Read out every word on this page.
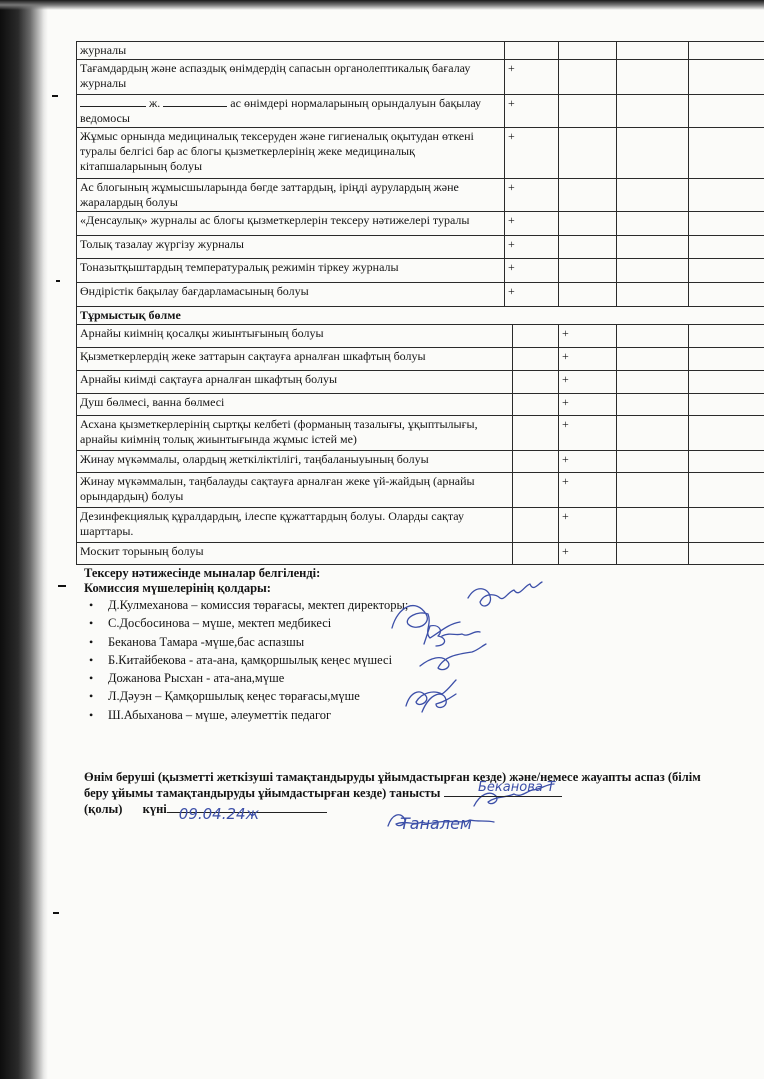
журналы					
Тағамдардың және аспаздық өнімдердің сапасын органолептикалық бағалау журналы	+				
ж. ас өнімдері нормаларының орындалуын бақылау ведомосы	+				
Жұмыс орнында медициналық тексеруден және гигиеналық оқытудан өткені туралы белгісі бар ас блогы қызметкерлерінің жеке медициналық кітапшаларының болуы	+				
Ас блогының жұмысшыларында бөгде заттардың, іріңді аурулардың және жаралардың болуы	+				
«Денсаулық» журналы ас блогы қызметкерлерін тексеру нәтижелері туралы	+				
Толық тазалау жүргізу журналы	+				
Тоназытқыштардың температуралық режимін тіркеу журналы	+				
Өндірістік бақылау бағдарламасының болуы	+				
Тұрмыстық бөлме					
Арнайы киімнің қосалқы жиынтығының болуы			+		
Қызметкерлердің жеке заттарын сақтауға арналған шкафтың болуы			+		
Арнайы киімді сақтауға арналған шкафтың болуы			+		
Душ бөлмесі, ванна бөлмесі			+		
Асхана қызметкерлерінің сыртқы келбеті (форманың тазалығы, ұқыптылығы, арнайы киімнің толық жиынтығында жұмыс істей ме)			+		
Жинау мүкәммалы, олардың жеткіліктілігі, таңбаланыуының болуы			+		
Жинау мүкәммалын, таңбалауды сақтауға арналған жеке үй-жайдың (арнайы орындардың) болуы			+		
Дезинфекциялық құралдардың, ілеспе құжаттардың болуы. Оларды сақтау шарттары.			+		
Москит торының болуы			+		
Тексеру нәтижесінде мыналар белгіленді:
Комиссия мүшелерінің қолдары:
• Д.Кулмеханова – комиссия төрағасы, мектеп директоры;
• С.Досбосинова – мүше, мектеп медбикесі
• Беканова Тамара -мүше,бас аспазшы
• Б.Китайбекова - ата-ана, қамқоршылық кеңес мүшесі
• Дожанова Рысхан - ата-ана,мүше
• Л.Дәуэн – Қамқоршылық кеңес төрағасы,мүше
• Ш.Абыханова – мүше, әлеуметтік педагог
Өнім беруші (қызметті жеткізуші тамақтандыруды ұйымдастырған кезде) және/немесе жауапты аспаз (білім
беру ұйымы тамақтандыруды ұйымдастырған кезде) танысты
(қолы) күні 09.04.24ж
Беканова Т
Таналем
